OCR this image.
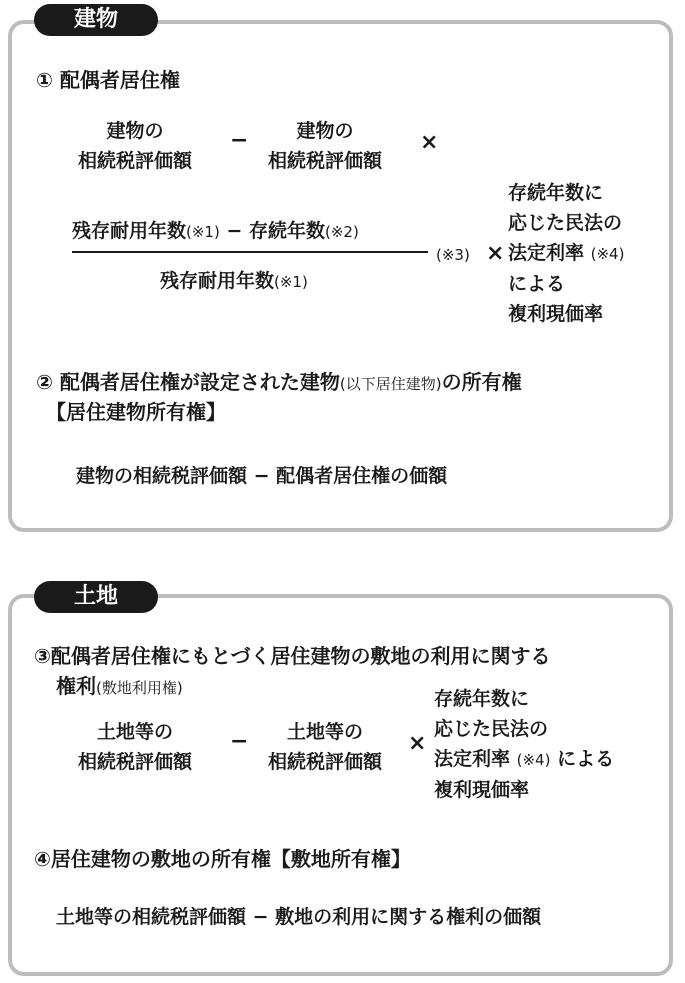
建物
① 配偶者居住権
建物の
相続税評価額
−	建物の
相続税評価額
×
残存耐用年数(※1) − 存続年数(※2)
残存耐用年数(※1)
(※3) ×
存続年数に
応じた民法の
法定利率 (※4)
による
複利現価率
② 配偶者居住権が設定された建物(以下居住建物)の所有権
【居住建物所有権】
建物の相続税評価額 − 配偶者居住権の価額
土地
③配偶者居住権にもとづく居住建物の敷地の利用に関する
権利(敷地利用権)
土地等の
相続税評価額
−	土地等の
相続税評価額
×
存続年数に
応じた民法の
法定利率 (※4) による
複利現価率
④居住建物の敷地の所有権【敷地所有権】
土地等の相続税評価額 − 敷地の利用に関する権利の価額
